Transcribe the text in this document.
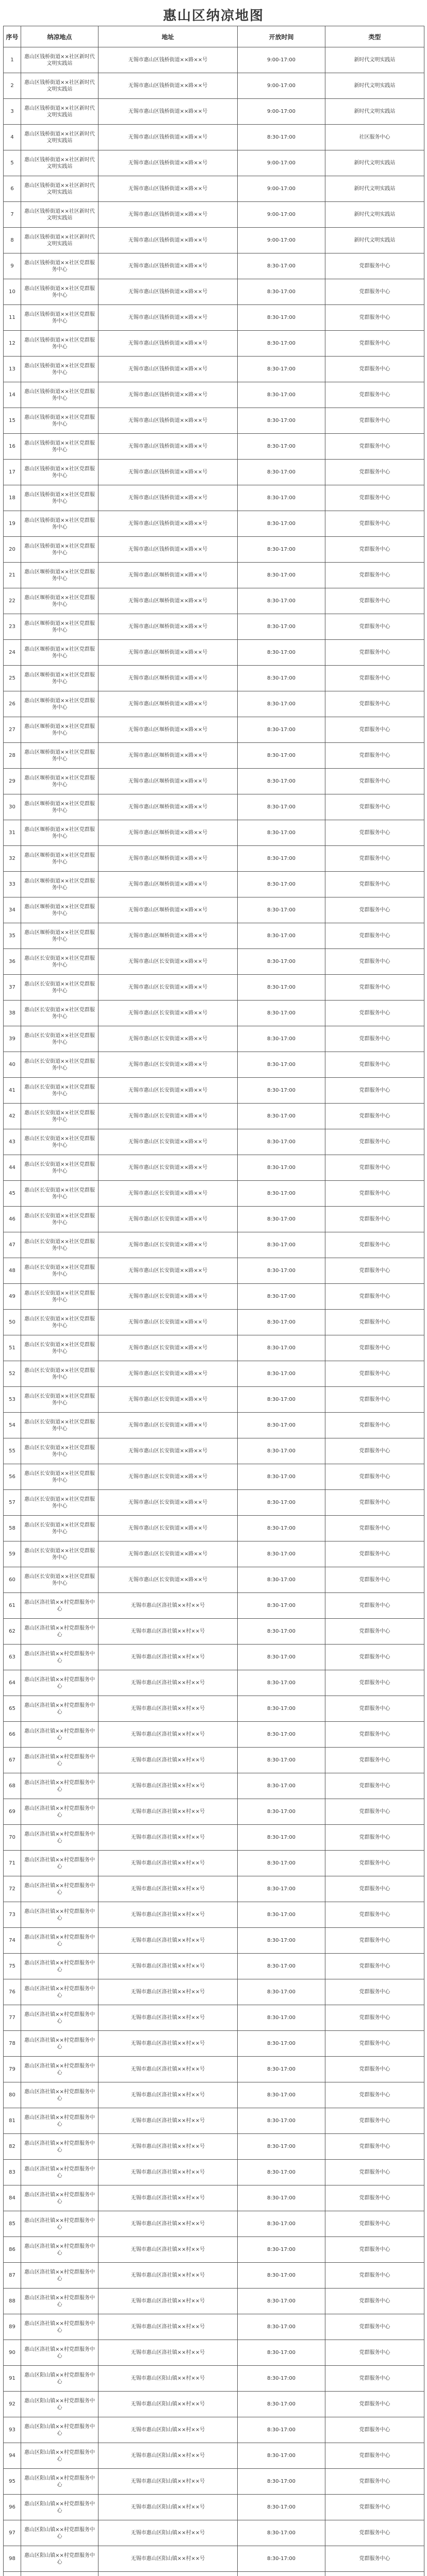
惠山区纳凉地图
序号	纳凉地点	地址	开放时间	类型
1	惠山区钱桥街道××社区新时代文明实践站	无锡市惠山区钱桥街道××路××号	9:00-17:00	新时代文明实践站
2	惠山区钱桥街道××社区新时代文明实践站	无锡市惠山区钱桥街道××路××号	9:00-17:00	新时代文明实践站
3	惠山区钱桥街道××社区新时代文明实践站	无锡市惠山区钱桥街道××路××号	9:00-17:00	新时代文明实践站
4	惠山区钱桥街道××社区新时代文明实践站	无锡市惠山区钱桥街道××路××号	8:30-17:00	社区服务中心
5	惠山区钱桥街道××社区新时代文明实践站	无锡市惠山区钱桥街道××路××号	9:00-17:00	新时代文明实践站
6	惠山区钱桥街道××社区新时代文明实践站	无锡市惠山区钱桥街道××路××号	9:00-17:00	新时代文明实践站
7	惠山区钱桥街道××社区新时代文明实践站	无锡市惠山区钱桥街道××路××号	9:00-17:00	新时代文明实践站
8	惠山区钱桥街道××社区新时代文明实践站	无锡市惠山区钱桥街道××路××号	9:00-17:00	新时代文明实践站
9	惠山区钱桥街道××社区党群服务中心	无锡市惠山区钱桥街道××路××号	8:30-17:00	党群服务中心
10	惠山区钱桥街道××社区党群服务中心	无锡市惠山区钱桥街道××路××号	8:30-17:00	党群服务中心
11	惠山区钱桥街道××社区党群服务中心	无锡市惠山区钱桥街道××路××号	8:30-17:00	党群服务中心
12	惠山区钱桥街道××社区党群服务中心	无锡市惠山区钱桥街道××路××号	8:30-17:00	党群服务中心
13	惠山区钱桥街道××社区党群服务中心	无锡市惠山区钱桥街道××路××号	8:30-17:00	党群服务中心
14	惠山区钱桥街道××社区党群服务中心	无锡市惠山区钱桥街道××路××号	8:30-17:00	党群服务中心
15	惠山区钱桥街道××社区党群服务中心	无锡市惠山区钱桥街道××路××号	8:30-17:00	党群服务中心
16	惠山区钱桥街道××社区党群服务中心	无锡市惠山区钱桥街道××路××号	8:30-17:00	党群服务中心
17	惠山区钱桥街道××社区党群服务中心	无锡市惠山区钱桥街道××路××号	8:30-17:00	党群服务中心
18	惠山区钱桥街道××社区党群服务中心	无锡市惠山区钱桥街道××路××号	8:30-17:00	党群服务中心
19	惠山区钱桥街道××社区党群服务中心	无锡市惠山区钱桥街道××路××号	8:30-17:00	党群服务中心
20	惠山区钱桥街道××社区党群服务中心	无锡市惠山区钱桥街道××路××号	8:30-17:00	党群服务中心
21	惠山区堰桥街道××社区党群服务中心	无锡市惠山区堰桥街道××路××号	8:30-17:00	党群服务中心
22	惠山区堰桥街道××社区党群服务中心	无锡市惠山区堰桥街道××路××号	8:30-17:00	党群服务中心
23	惠山区堰桥街道××社区党群服务中心	无锡市惠山区堰桥街道××路××号	8:30-17:00	党群服务中心
24	惠山区堰桥街道××社区党群服务中心	无锡市惠山区堰桥街道××路××号	8:30-17:00	党群服务中心
25	惠山区堰桥街道××社区党群服务中心	无锡市惠山区堰桥街道××路××号	8:30-17:00	党群服务中心
26	惠山区堰桥街道××社区党群服务中心	无锡市惠山区堰桥街道××路××号	8:30-17:00	党群服务中心
27	惠山区堰桥街道××社区党群服务中心	无锡市惠山区堰桥街道××路××号	8:30-17:00	党群服务中心
28	惠山区堰桥街道××社区党群服务中心	无锡市惠山区堰桥街道××路××号	8:30-17:00	党群服务中心
29	惠山区堰桥街道××社区党群服务中心	无锡市惠山区堰桥街道××路××号	8:30-17:00	党群服务中心
30	惠山区堰桥街道××社区党群服务中心	无锡市惠山区堰桥街道××路××号	8:30-17:00	党群服务中心
31	惠山区堰桥街道××社区党群服务中心	无锡市惠山区堰桥街道××路××号	8:30-17:00	党群服务中心
32	惠山区堰桥街道××社区党群服务中心	无锡市惠山区堰桥街道××路××号	8:30-17:00	党群服务中心
33	惠山区堰桥街道××社区党群服务中心	无锡市惠山区堰桥街道××路××号	8:30-17:00	党群服务中心
34	惠山区堰桥街道××社区党群服务中心	无锡市惠山区堰桥街道××路××号	8:30-17:00	党群服务中心
35	惠山区堰桥街道××社区党群服务中心	无锡市惠山区堰桥街道××路××号	8:30-17:00	党群服务中心
36	惠山区长安街道××社区党群服务中心	无锡市惠山区长安街道××路××号	8:30-17:00	党群服务中心
37	惠山区长安街道××社区党群服务中心	无锡市惠山区长安街道××路××号	8:30-17:00	党群服务中心
38	惠山区长安街道××社区党群服务中心	无锡市惠山区长安街道××路××号	8:30-17:00	党群服务中心
39	惠山区长安街道××社区党群服务中心	无锡市惠山区长安街道××路××号	8:30-17:00	党群服务中心
40	惠山区长安街道××社区党群服务中心	无锡市惠山区长安街道××路××号	8:30-17:00	党群服务中心
41	惠山区长安街道××社区党群服务中心	无锡市惠山区长安街道××路××号	8:30-17:00	党群服务中心
42	惠山区长安街道××社区党群服务中心	无锡市惠山区长安街道××路××号	8:30-17:00	党群服务中心
43	惠山区长安街道××社区党群服务中心	无锡市惠山区长安街道××路××号	8:30-17:00	党群服务中心
44	惠山区长安街道××社区党群服务中心	无锡市惠山区长安街道××路××号	8:30-17:00	党群服务中心
45	惠山区长安街道××社区党群服务中心	无锡市惠山区长安街道××路××号	8:30-17:00	党群服务中心
46	惠山区长安街道××社区党群服务中心	无锡市惠山区长安街道××路××号	8:30-17:00	党群服务中心
47	惠山区长安街道××社区党群服务中心	无锡市惠山区长安街道××路××号	8:30-17:00	党群服务中心
48	惠山区长安街道××社区党群服务中心	无锡市惠山区长安街道××路××号	8:30-17:00	党群服务中心
49	惠山区长安街道××社区党群服务中心	无锡市惠山区长安街道××路××号	8:30-17:00	党群服务中心
50	惠山区长安街道××社区党群服务中心	无锡市惠山区长安街道××路××号	8:30-17:00	党群服务中心
51	惠山区长安街道××社区党群服务中心	无锡市惠山区长安街道××路××号	8:30-17:00	党群服务中心
52	惠山区长安街道××社区党群服务中心	无锡市惠山区长安街道××路××号	8:30-17:00	党群服务中心
53	惠山区长安街道××社区党群服务中心	无锡市惠山区长安街道××路××号	8:30-17:00	党群服务中心
54	惠山区长安街道××社区党群服务中心	无锡市惠山区长安街道××路××号	8:30-17:00	党群服务中心
55	惠山区长安街道××社区党群服务中心	无锡市惠山区长安街道××路××号	8:30-17:00	党群服务中心
56	惠山区长安街道××社区党群服务中心	无锡市惠山区长安街道××路××号	8:30-17:00	党群服务中心
57	惠山区长安街道××社区党群服务中心	无锡市惠山区长安街道××路××号	8:30-17:00	党群服务中心
58	惠山区长安街道××社区党群服务中心	无锡市惠山区长安街道××路××号	8:30-17:00	党群服务中心
59	惠山区长安街道××社区党群服务中心	无锡市惠山区长安街道××路××号	8:30-17:00	党群服务中心
60	惠山区长安街道××社区党群服务中心	无锡市惠山区长安街道××路××号	8:30-17:00	党群服务中心
61	惠山区洛社镇××村党群服务中心	无锡市惠山区洛社镇××村××号	8:30-17:00	党群服务中心
62	惠山区洛社镇××村党群服务中心	无锡市惠山区洛社镇××村××号	8:30-17:00	党群服务中心
63	惠山区洛社镇××村党群服务中心	无锡市惠山区洛社镇××村××号	8:30-17:00	党群服务中心
64	惠山区洛社镇××村党群服务中心	无锡市惠山区洛社镇××村××号	8:30-17:00	党群服务中心
65	惠山区洛社镇××村党群服务中心	无锡市惠山区洛社镇××村××号	8:30-17:00	党群服务中心
66	惠山区洛社镇××村党群服务中心	无锡市惠山区洛社镇××村××号	8:30-17:00	党群服务中心
67	惠山区洛社镇××村党群服务中心	无锡市惠山区洛社镇××村××号	8:30-17:00	党群服务中心
68	惠山区洛社镇××村党群服务中心	无锡市惠山区洛社镇××村××号	8:30-17:00	党群服务中心
69	惠山区洛社镇××村党群服务中心	无锡市惠山区洛社镇××村××号	8:30-17:00	党群服务中心
70	惠山区洛社镇××村党群服务中心	无锡市惠山区洛社镇××村××号	8:30-17:00	党群服务中心
71	惠山区洛社镇××村党群服务中心	无锡市惠山区洛社镇××村××号	8:30-17:00	党群服务中心
72	惠山区洛社镇××村党群服务中心	无锡市惠山区洛社镇××村××号	8:30-17:00	党群服务中心
73	惠山区洛社镇××村党群服务中心	无锡市惠山区洛社镇××村××号	8:30-17:00	党群服务中心
74	惠山区洛社镇××村党群服务中心	无锡市惠山区洛社镇××村××号	8:30-17:00	党群服务中心
75	惠山区洛社镇××村党群服务中心	无锡市惠山区洛社镇××村××号	8:30-17:00	党群服务中心
76	惠山区洛社镇××村党群服务中心	无锡市惠山区洛社镇××村××号	8:30-17:00	党群服务中心
77	惠山区洛社镇××村党群服务中心	无锡市惠山区洛社镇××村××号	8:30-17:00	党群服务中心
78	惠山区洛社镇××村党群服务中心	无锡市惠山区洛社镇××村××号	8:30-17:00	党群服务中心
79	惠山区洛社镇××村党群服务中心	无锡市惠山区洛社镇××村××号	8:30-17:00	党群服务中心
80	惠山区洛社镇××村党群服务中心	无锡市惠山区洛社镇××村××号	8:30-17:00	党群服务中心
81	惠山区洛社镇××村党群服务中心	无锡市惠山区洛社镇××村××号	8:30-17:00	党群服务中心
82	惠山区洛社镇××村党群服务中心	无锡市惠山区洛社镇××村××号	8:30-17:00	党群服务中心
83	惠山区洛社镇××村党群服务中心	无锡市惠山区洛社镇××村××号	8:30-17:00	党群服务中心
84	惠山区洛社镇××村党群服务中心	无锡市惠山区洛社镇××村××号	8:30-17:00	党群服务中心
85	惠山区洛社镇××村党群服务中心	无锡市惠山区洛社镇××村××号	8:30-17:00	党群服务中心
86	惠山区洛社镇××村党群服务中心	无锡市惠山区洛社镇××村××号	8:30-17:00	党群服务中心
87	惠山区洛社镇××村党群服务中心	无锡市惠山区洛社镇××村××号	8:30-17:00	党群服务中心
88	惠山区洛社镇××村党群服务中心	无锡市惠山区洛社镇××村××号	8:30-17:00	党群服务中心
89	惠山区洛社镇××村党群服务中心	无锡市惠山区洛社镇××村××号	8:30-17:00	党群服务中心
90	惠山区洛社镇××村党群服务中心	无锡市惠山区洛社镇××村××号	8:30-17:00	党群服务中心
91	惠山区阳山镇××村党群服务中心	无锡市惠山区阳山镇××村××号	8:30-17:00	党群服务中心
92	惠山区阳山镇××村党群服务中心	无锡市惠山区阳山镇××村××号	8:30-17:00	党群服务中心
93	惠山区阳山镇××村党群服务中心	无锡市惠山区阳山镇××村××号	8:30-17:00	党群服务中心
94	惠山区阳山镇××村党群服务中心	无锡市惠山区阳山镇××村××号	8:30-17:00	党群服务中心
95	惠山区阳山镇××村党群服务中心	无锡市惠山区阳山镇××村××号	8:30-17:00	党群服务中心
96	惠山区阳山镇××村党群服务中心	无锡市惠山区阳山镇××村××号	8:30-17:00	党群服务中心
97	惠山区阳山镇××村党群服务中心	无锡市惠山区阳山镇××村××号	8:30-17:00	党群服务中心
98	惠山区阳山镇××村党群服务中心	无锡市惠山区阳山镇××村××号	8:30-17:00	党群服务中心
